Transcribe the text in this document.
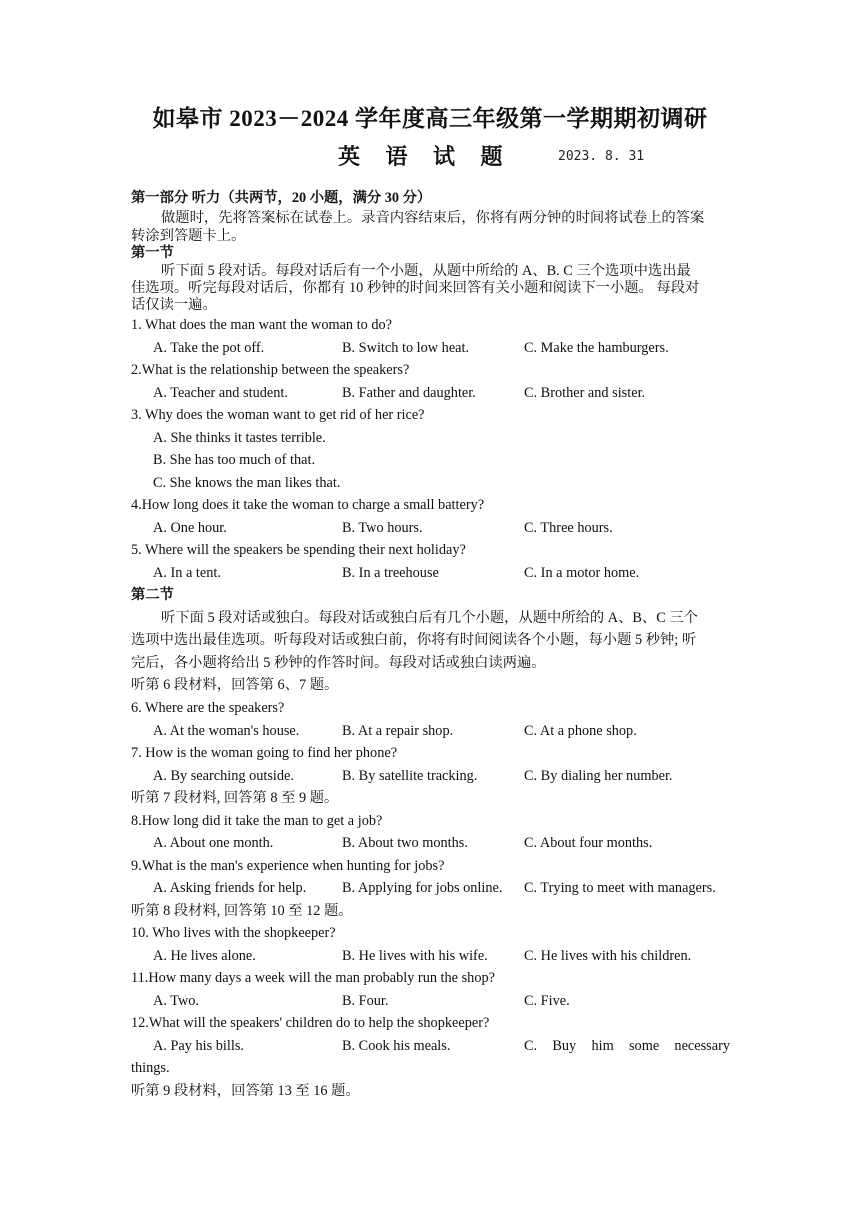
如皋市 2023－2024 学年度高三年级第一学期期初调研
英 语 试 题	2023. 8. 31
第一部分 听力（共两节，20 小题，满分 30 分）
做题时，先将答案标在试卷上。录音内容结束后，你将有两分钟的时间将试卷上的答案
转涂到答题卡上。
第一节
听下面 5 段对话。每段对话后有一个小题，从题中所给的 A、B. C 三个选项中选出最
佳选项。听完每段对话后，你都有 10 秒钟的时间来回答有关小题和阅读下一小题。 每段对
话仅读一遍。
1. What does the man want the woman to do?
A. Take the pot off.	B. Switch to low heat.	C. Make the hamburgers.
2.What is the relationship between the speakers?
A. Teacher and student.	B. Father and daughter.	C. Brother and sister.
3. Why does the woman want to get rid of her rice?
A. She thinks it tastes terrible.
B. She has too much of that.
C. She knows the man likes that.
4.How long does it take the woman to charge a small battery?
A. One hour.	B. Two hours.	C. Three hours.
5. Where will the speakers be spending their next holiday?
A. In a tent.	B. In a treehouse	C. In a motor home.
第二节
听下面 5 段对话或独白。每段对话或独白后有几个小题，从题中所给的 A、B、C 三个
选项中选出最佳选项。听每段对话或独白前，你将有时间阅读各个小题，每小题 5 秒钟; 听
完后，各小题将给出 5 秒钟的作答时间。每段对话或独白读两遍。
听第 6 段材料，回答第 6、7 题。
6. Where are the speakers?
A. At the woman's house.	B. At a repair shop.	C. At a phone shop.
7. How is the woman going to find her phone?
A. By searching outside.	B. By satellite tracking.	C. By dialing her number.
听第 7 段材料, 回答第 8 至 9 题。
8.How long did it take the man to get a job?
A. About one month.	B. About two months.	C. About four months.
9.What is the man's experience when hunting for jobs?
A. Asking friends for help. B. Applying for jobs online. C. Trying to meet with managers.
听第 8 段材料, 回答第 10 至 12 题。
10. Who lives with the shopkeeper?
A. He lives alone.	B. He lives with his wife.	C. He lives with his children.
11.How many days a week will the man probably run the shop?
A. Two.	B. Four.	C. Five.
12.What will the speakers' children do to help the shopkeeper?
A. Pay his bills.	B. Cook his meals.	C. Buy him some necessary
things.
听第 9 段材料，回答第 13 至 16 题。
